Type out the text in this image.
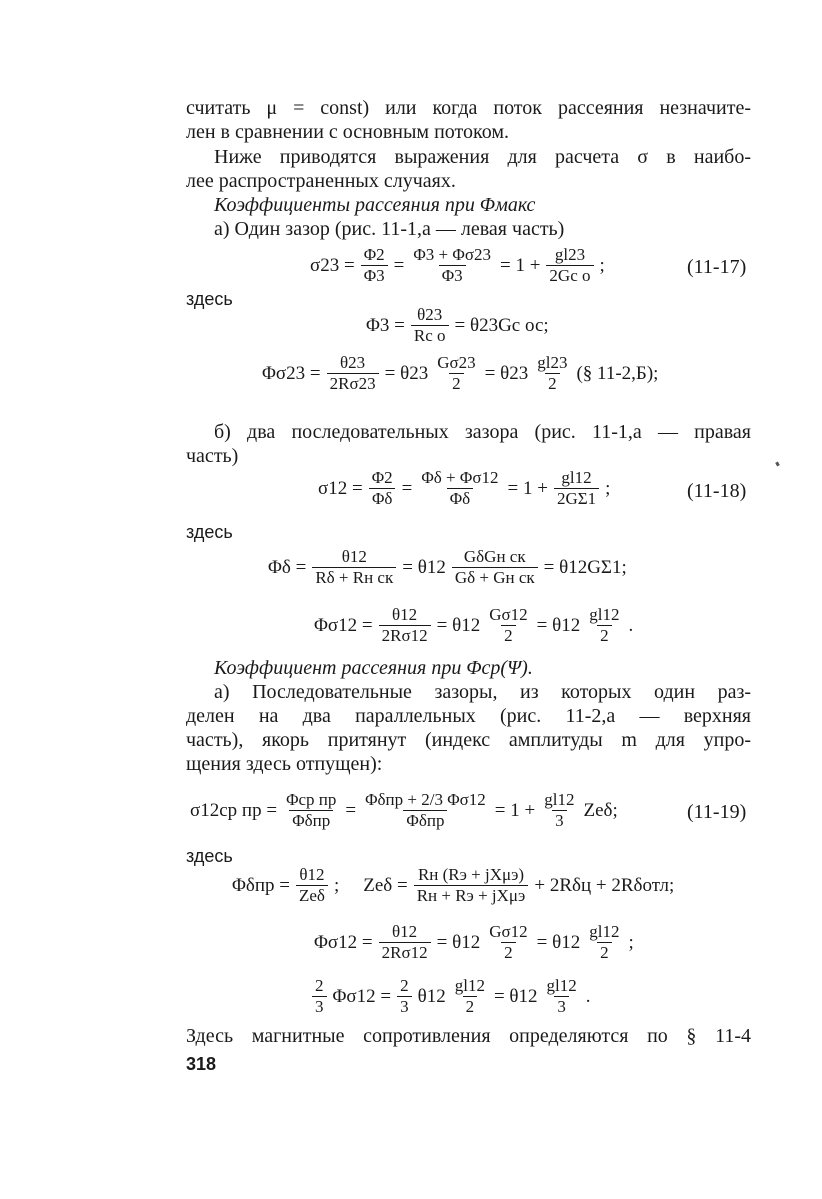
считать μ = const) или когда поток рассеяния незначите-
лен в сравнении с основным потоком.
Ниже приводятся выражения для расчета σ в наибо-
лее распространенных случаях.
Коэффициенты рассеяния при Φмакс
а) Один зазор (рис. 11-1,а — левая часть)
$\sigma 23 = \frac{\Phi 2}{\Phi 3} = \frac{\Phi 3 + \Phi\sigma 23}{\Phi 3} = 1 + \frac{gl23}{\text{2Gс о}}$ ;	(11-17)
здесь
$\Phi 3 = \frac{\theta 23}{\text{Rс о}} = \theta 23Gс$ ос;
$\Phi\sigma 23 = \frac{\theta 23}{2R\sigma 23} = \theta 23 \frac{G\sigma 23}{2} = \theta 23 \frac{gl23}{2}$ (§ 11-2,Б);
б) два последовательных зазора (рис. 11-1,а — правая
часть)
$\sigma 12 = \frac{\Phi 2}{\Phi\delta} = \frac{\Phi\delta + \Phi\sigma 12}{\Phi\delta} = 1 + \frac{gl12}{2G\Sigma 1}$ ;	(11-18)
здесь
$\Phi\delta = \frac{\theta 12}{\text{Rδ + Rн ск}} = \theta 12 \frac{\text{GδGн ск}}{\text{Gδ + Gн ск}} = \theta 12G\Sigma 1$;
$\Phi\sigma 12 = \frac{\theta 12}{2R\sigma 12} = \theta 12 \frac{G\sigma 12}{2} = \theta 12 \frac{gl12}{2}$ .
Коэффициент рассеяния при Φср(Ψ).
а) Последовательные зазоры, из которых один раз-
делен на два параллельных (рис. 11-2,а — верхняя
часть), якорь притянут (индекс амплитуды m для упро-
щения здесь отпущен):
σ12ср пр = $\frac{\text{Φср пр}}{\text{Φδпр}} = \frac{\text{Φδпр + 2/3 Φσ12}}{\text{Φδпр}} = 1 + \frac{gl12}{3} Ze\delta$;	(11-19)
здесь
$\Phi\delta пр = \frac{\theta 12}{\text{Zeδ}}$ ; $Ze\delta = \frac{\text{Rн (Rэ + jXμэ)}}{\text{Rн + Rэ + jXμэ}} + 2R\delta ц + 2R\delta отл$;
$\Phi\sigma 12 = \frac{\theta 12}{2R\sigma 12} = \theta 12 \frac{G\sigma 12}{2} = \theta 12 \frac{gl12}{2}$ ;
$\frac{2}{3} \Phi\sigma 12 = \frac{2}{3} \theta 12 \frac{gl12}{2} = \theta 12 \frac{gl12}{3}$ .
Здесь магнитные сопротивления определяются по § 11-4
318
